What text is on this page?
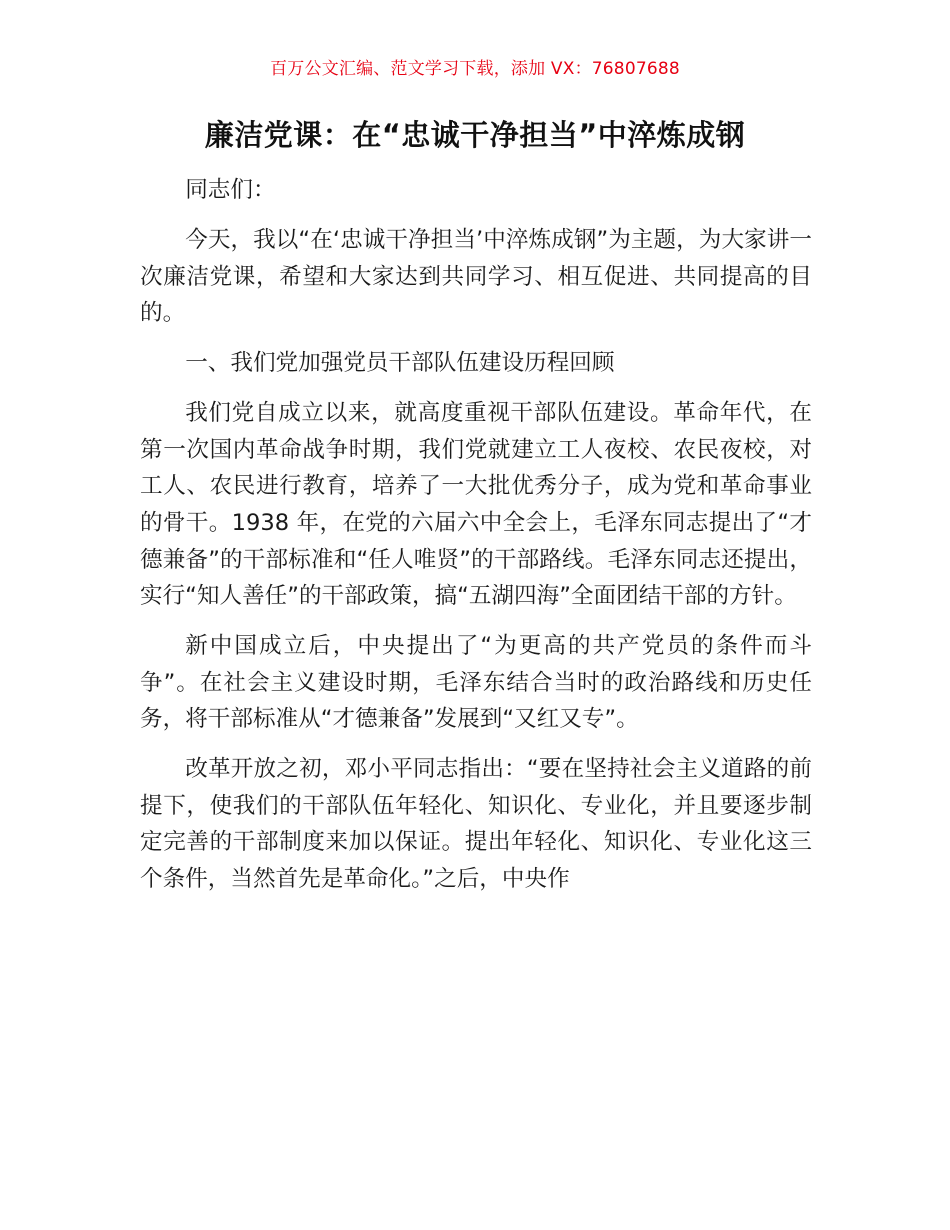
百万公文汇编、范文学习下载，添加 VX：76807688
廉洁党课：在“忠诚干净担当”中淬炼成钢

同志们：

今天，我以“在‘忠诚干净担当’中淬炼成钢”为主题，为大家讲一次廉洁党课，希望和大家达到共同学习、相互促进、共同提高的目的。

一、我们党加强党员干部队伍建设历程回顾

我们党自成立以来，就高度重视干部队伍建设。革命年代，在第一次国内革命战争时期，我们党就建立工人夜校、农民夜校，对工人、农民进行教育，培养了一大批优秀分子，成为党和革命事业的骨干。1938 年，在党的六届六中全会上，毛泽东同志提出了“才德兼备”的干部标准和“任人唯贤”的干部路线。毛泽东同志还提出，实行“知人善任”的干部政策，搞“五湖四海”全面团结干部的方针。

新中国成立后，中央提出了“为更高的共产党员的条件而斗争”。在社会主义建设时期，毛泽东结合当时的政治路线和历史任务，将干部标准从“才德兼备”发展到“又红又专”。

改革开放之初，邓小平同志指出：“要在坚持社会主义道路的前提下，使我们的干部队伍年轻化、知识化、专业化，并且要逐步制定完善的干部制度来加以保证。提出年轻化、知识化、专业化这三个条件，当然首先是革命化。”之后，中央作
